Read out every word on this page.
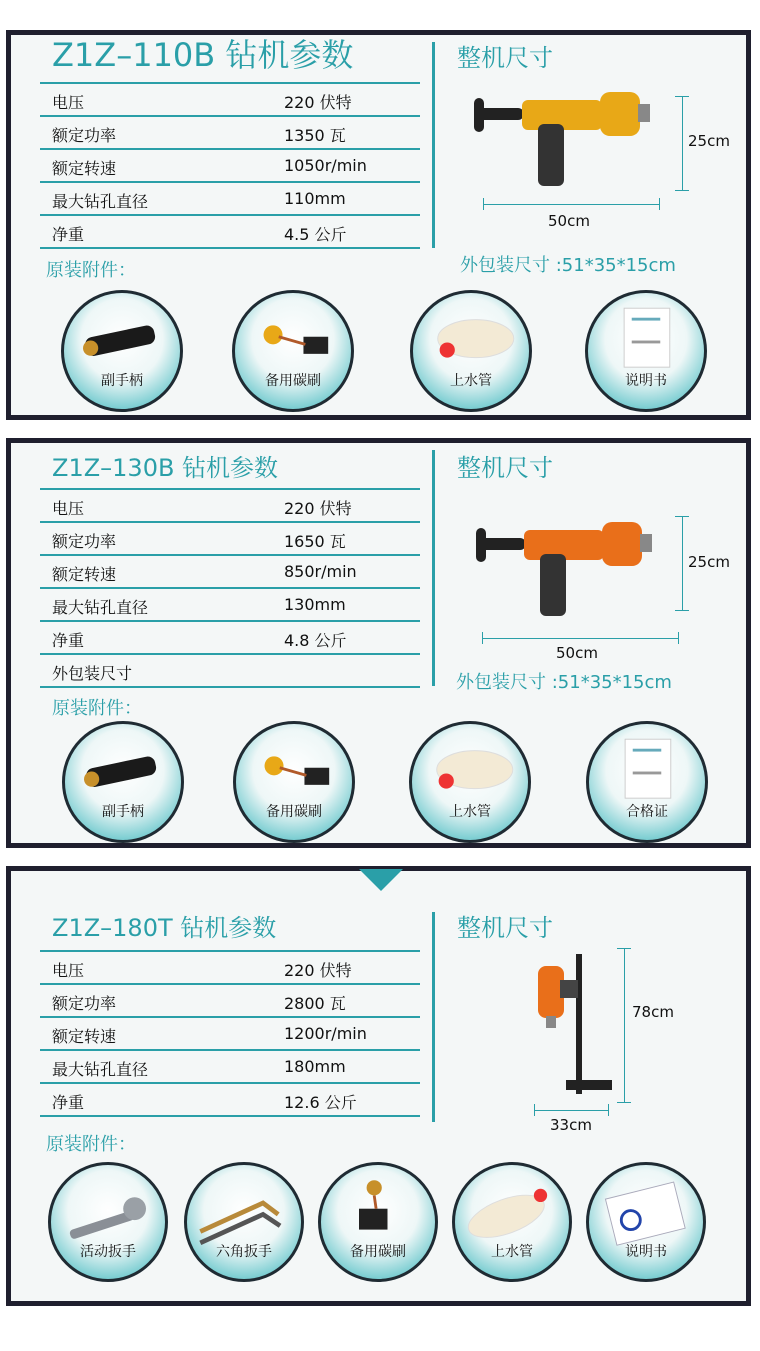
Z1Z–110B 钻机参数
电压	220 伏特
额定功率	1350 瓦
额定转速	1050r/min
最大钻孔直径	110mm
净重	4.5 公斤
整机尺寸
25cm
50cm
外包装尺寸 :51*35*15cm
原装附件：
副手柄	备用碳刷	上水管	说明书
Z1Z–130B 钻机参数
电压	220 伏特
额定功率	1650 瓦
额定转速	850r/min
最大钻孔直径	130mm
净重	4.8 公斤
外包装尺寸
整机尺寸
25cm
50cm
外包装尺寸 :51*35*15cm
原装附件：
副手柄	备用碳刷	上水管	合格证
Z1Z–180T 钻机参数
电压	220 伏特
额定功率	2800 瓦
额定转速	1200r/min
最大钻孔直径	180mm
净重	12.6 公斤
整机尺寸
78cm
33cm
原装附件：
活动扳手	六角扳手	备用碳刷	上水管	说明书
